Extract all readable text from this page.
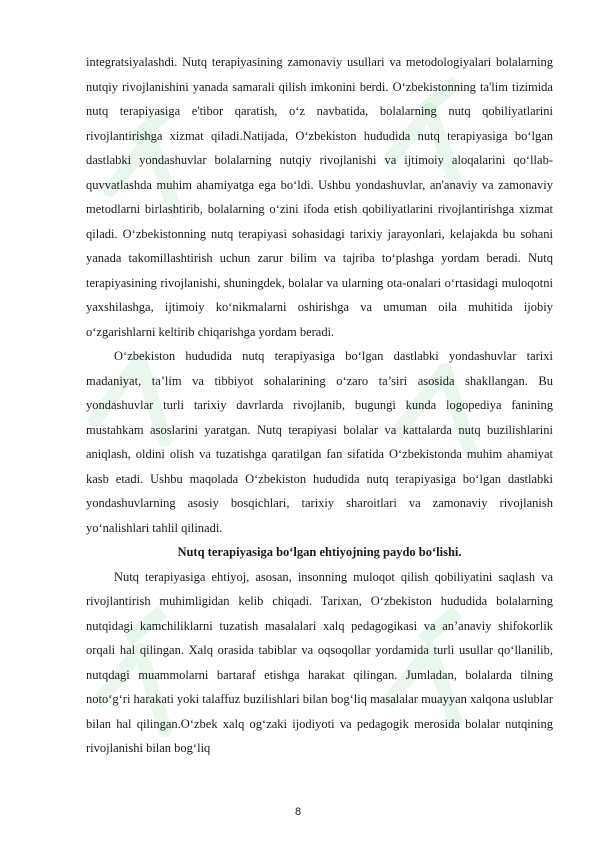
integratsiyalashdi. Nutq terapiyasining zamonaviy usullari va metodologiyalari bolalarning nutqiy rivojlanishini yanada samarali qilish imkonini berdi. O‘zbekistonning ta'lim tizimida nutq terapiyasiga e'tibor qaratish, o‘z navbatida, bolalarning nutq qobiliyatlarini rivojlantirishga xizmat qiladi.Natijada, O‘zbekiston hududida nutq terapiyasiga bo‘lgan dastlabki yondashuvlar bolalarning nutqiy rivojlanishi va ijtimoiy aloqalarini qo‘llab-quvvatlashda muhim ahamiyatga ega bo‘ldi. Ushbu yondashuvlar, an'anaviy va zamonaviy metodlarni birlashtirib, bolalarning o‘zini ifoda etish qobiliyatlarini rivojlantirishga xizmat qiladi. O‘zbekistonning nutq terapiyasi sohasidagi tarixiy jarayonlari, kelajakda bu sohani yanada takomillashtirish uchun zarur bilim va tajriba to‘plashga yordam beradi. Nutq terapiyasining rivojlanishi, shuningdek, bolalar va ularning ota-onalari o‘rtasidagi muloqotni yaxshilashga, ijtimoiy ko‘nikmalarni oshirishga va umuman oila muhitida ijobiy o‘zgarishlarni keltirib chiqarishga yordam beradi.

O‘zbekiston hududida nutq terapiyasiga bo‘lgan dastlabki yondashuvlar tarixi madaniyat, ta’lim va tibbiyot sohalarining o‘zaro ta’siri asosida shakllangan. Bu yondashuvlar turli tarixiy davrlarda rivojlanib, bugungi kunda logopediya fanining mustahkam asoslarini yaratgan. Nutq terapiyasi bolalar va kattalarda nutq buzilishlarini aniqlash, oldini olish va tuzatishga qaratilgan fan sifatida O‘zbekistonda muhim ahamiyat kasb etadi. Ushbu maqolada O‘zbekiston hududida nutq terapiyasiga bo‘lgan dastlabki yondashuvlarning asosiy bosqichlari, tarixiy sharoitlari va zamonaviy rivojlanish yo‘nalishlari tahlil qilinadi.

Nutq terapiyasiga bo‘lgan ehtiyojning paydo bo‘lishi.

Nutq terapiyasiga ehtiyoj, asosan, insonning muloqot qilish qobiliyatini saqlash va rivojlantirish muhimligidan kelib chiqadi. Tarixan, O‘zbekiston hududida bolalarning nutqidagi kamchiliklarni tuzatish masalalari xalq pedagogikasi va an’anaviy shifokorlik orqali hal qilingan. Xalq orasida tabiblar va oqsoqollar yordamida turli usullar qo‘llanilib, nutqdagi muammolarni bartaraf etishga harakat qilingan. Jumladan, bolalarda tilning noto‘g‘ri harakati yoki talaffuz buzilishlari bilan bog‘liq masalalar muayyan xalqona uslublar bilan hal qilingan.O‘zbek xalq og‘zaki ijodiyoti va pedagogik merosida bolalar nutqining rivojlanishi bilan bog‘liq

8
